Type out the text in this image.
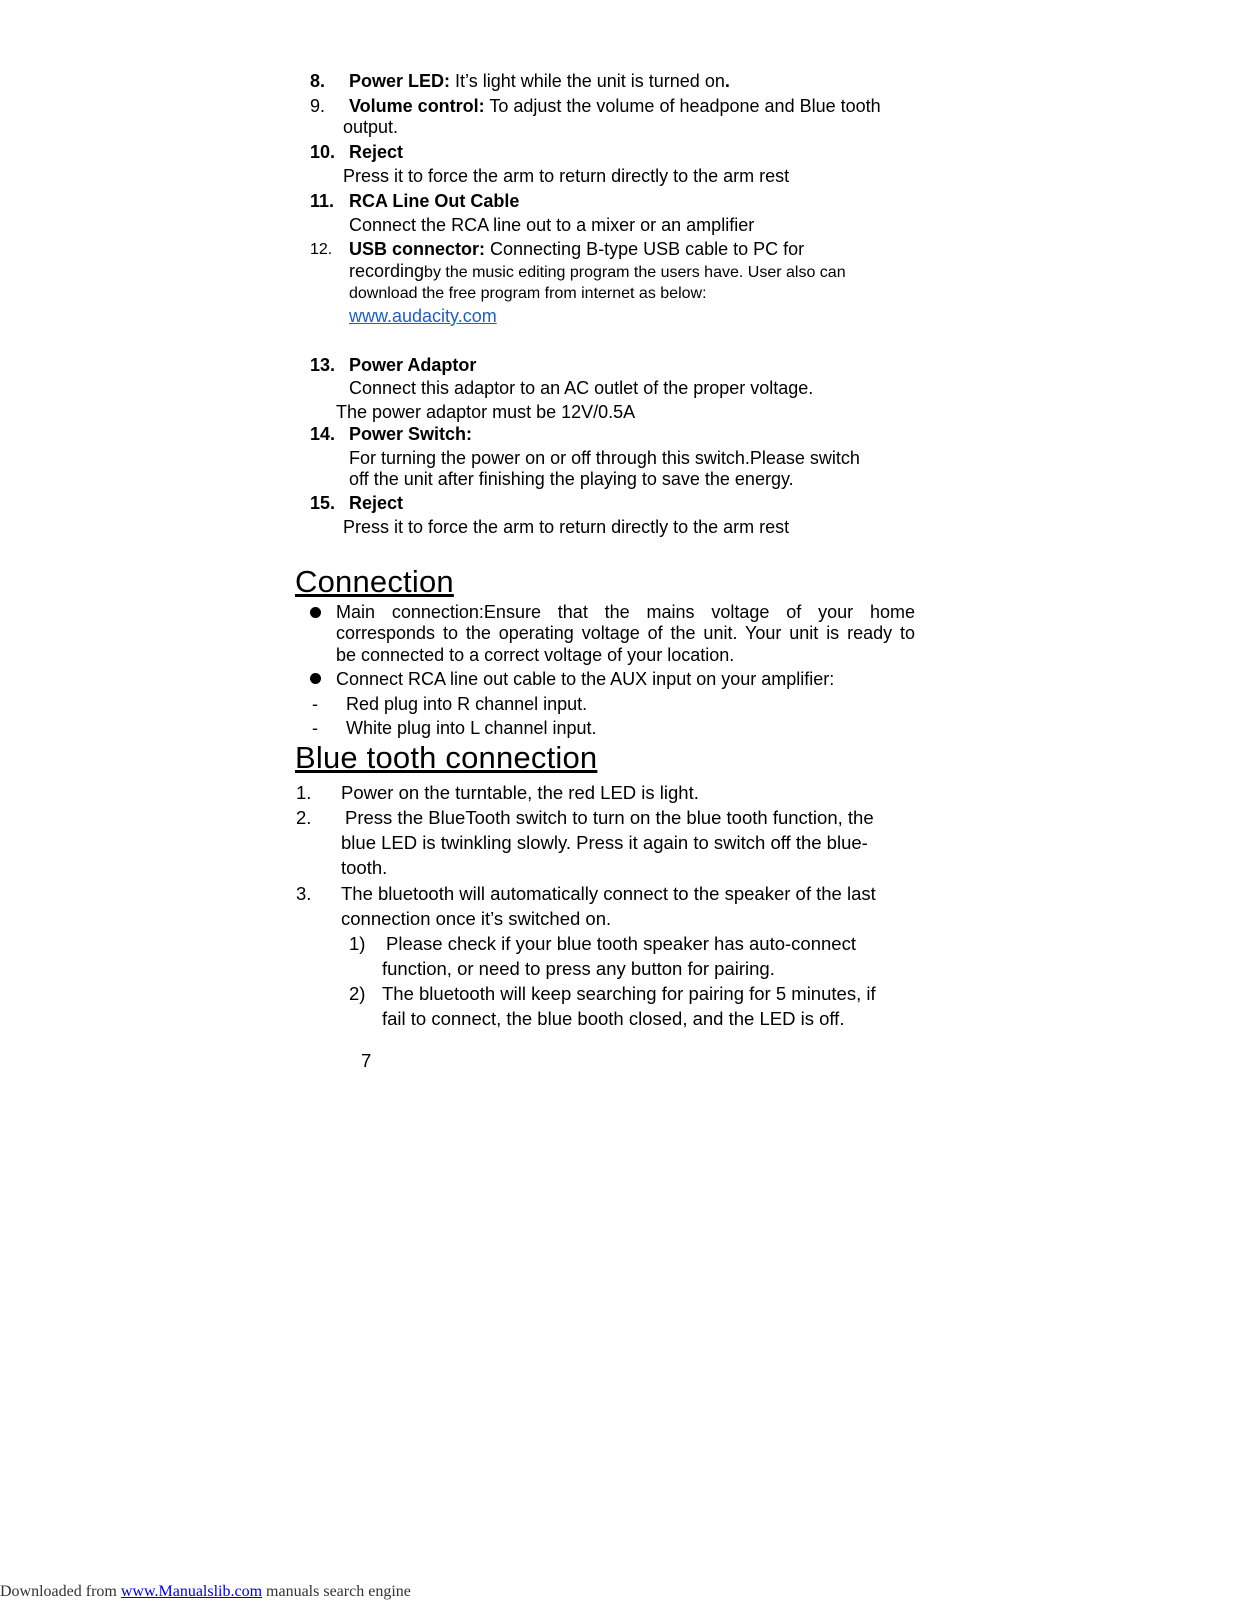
8. Power LED: It’s light while the unit is turned on.
9. Volume control: To adjust the volume of headpone and Blue tooth
output.
10. Reject
Press it to force the arm to return directly to the arm rest
11. RCA Line Out Cable
Connect the RCA line out to a mixer or an amplifier
12. USB connector: Connecting B-type USB cable to PC for
recordingby the music editing program the users have. User also can
download the free program from internet as below:
www.audacity.com
13. Power Adaptor
Connect this adaptor to an AC outlet of the proper voltage.
The power adaptor must be 12V/0.5A
14. Power Switch:
For turning the power on or off through this switch.Please switch
off the unit after finishing the playing to save the energy.
15. Reject
Press it to force the arm to return directly to the arm rest
Connection
Main connection:Ensure that the mains voltage of your home
corresponds to the operating voltage of the unit. Your unit is ready to
be connected to a correct voltage of your location.
Connect RCA line out cable to the AUX input on your amplifier:
- Red plug into R channel input.
- White plug into L channel input.
Blue tooth connection
1. Power on the turntable, the red LED is light.
2. Press the BlueTooth switch to turn on the blue tooth function, the
blue LED is twinkling slowly. Press it again to switch off the blue-
tooth.
3. The bluetooth will automatically connect to the speaker of the last
connection once it’s switched on.
1) Please check if your blue tooth speaker has auto-connect
function, or need to press any button for pairing.
2) The bluetooth will keep searching for pairing for 5 minutes, if
fail to connect, the blue booth closed, and the LED is off.
7
Downloaded from www.Manualslib.com manuals search engine
